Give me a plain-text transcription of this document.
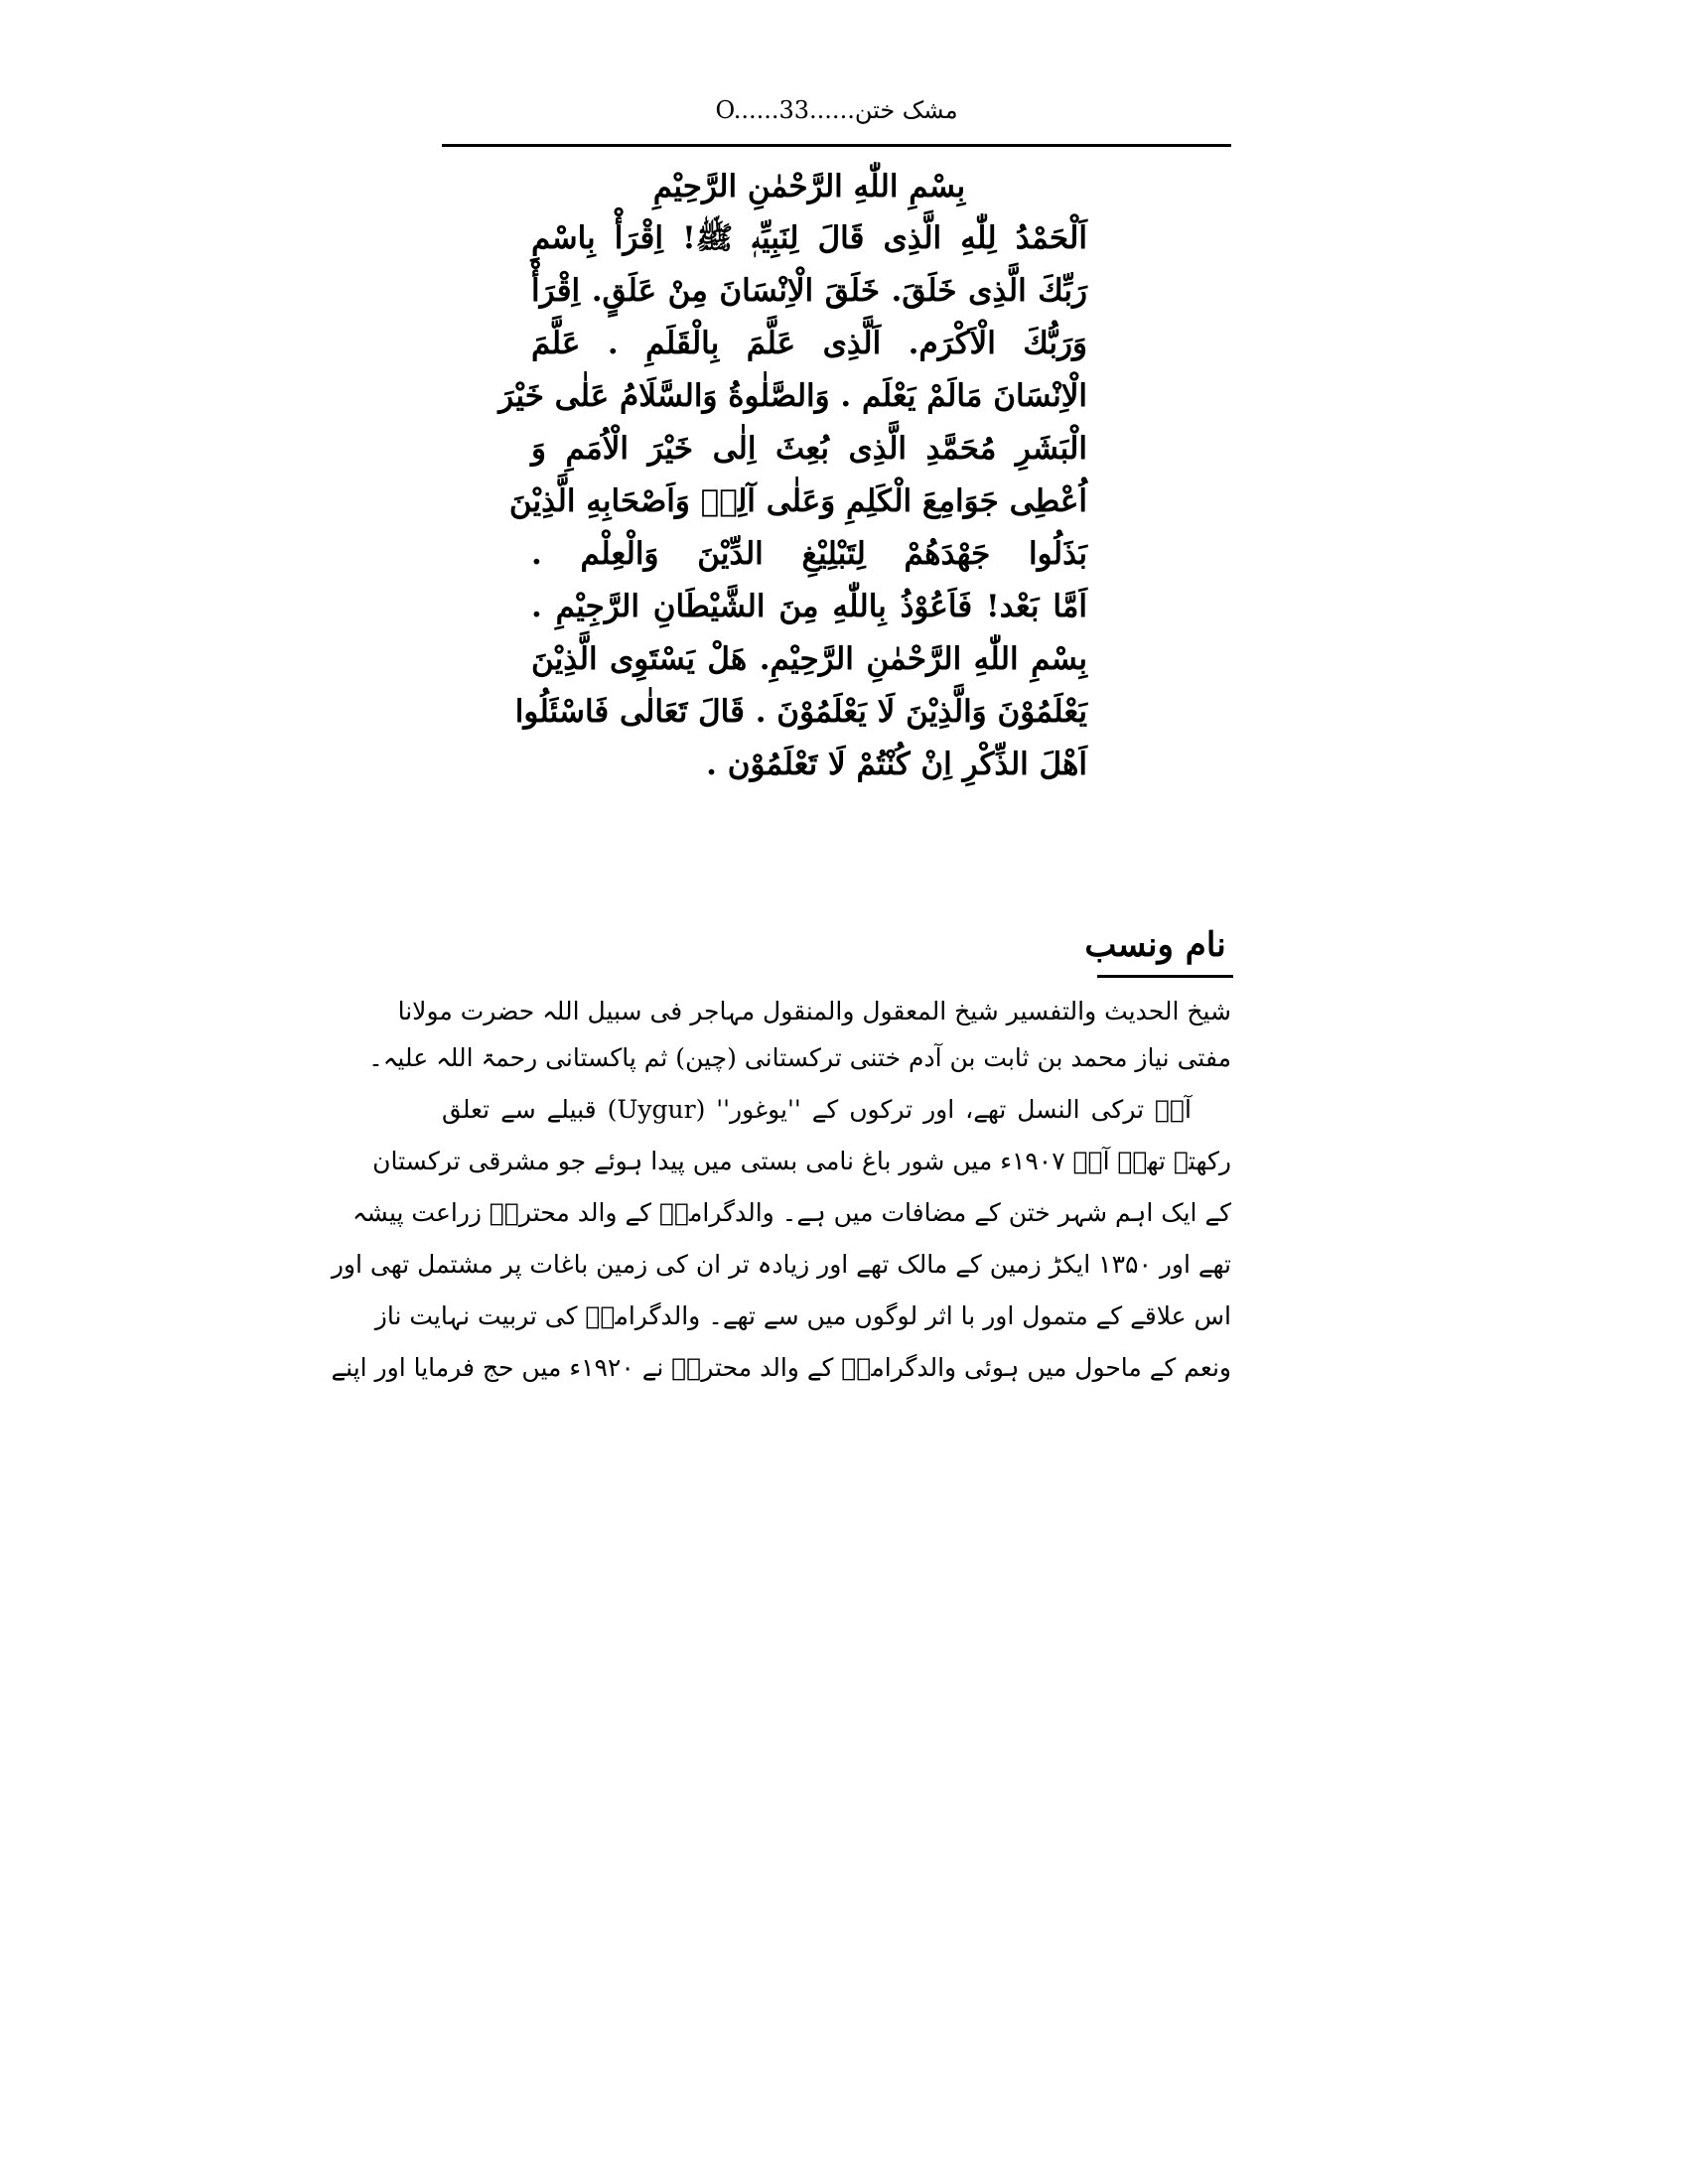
مشک ختن......O......33
بِسْمِ اللّٰهِ الرَّحْمٰنِ الرَّحِيْمِ
اَلْحَمْدُ لِلّٰهِ الَّذِى قَالَ لِنَبِيِّهٖ ﷺ! اِقْرَأْ بِاسْمِ
رَبِّكَ الَّذِى خَلَقَ. خَلَقَ الْاِنْسَانَ مِنْ عَلَقٍ. اِقْرَأْ
وَرَبُّكَ الْاَكْرَم. اَلَّذِى عَلَّمَ بِالْقَلَمِ . عَلَّمَ
الْاِنْسَانَ مَالَمْ يَعْلَم . وَالصَّلٰوةُ وَالسَّلَامُ عَلٰى خَيْرَ
الْبَشَرِ مُحَمَّدِ الَّذِى بُعِثَ اِلٰى خَيْرَ الْاُمَمِ وَ
اُعْطِى جَوَامِعَ الْكَلِمِ وَعَلٰى آلِهٖ وَاَصْحَابِهِ الَّذِيْنَ
بَذَلُوا جَهْدَهُمْ لِتَبْلِيْغِ الدِّيْنَ وَالْعِلْم .
اَمَّا بَعْد! فَاَعُوْذُ بِاللّٰهِ مِنَ الشَّيْطَانِ الرَّجِيْمِ .
بِسْمِ اللّٰهِ الرَّحْمٰنِ الرَّحِيْمِ. هَلْ يَسْتَوِى الَّذِيْنَ
يَعْلَمُوْنَ وَالَّذِيْنَ لَا يَعْلَمُوْنَ . قَالَ تَعَالٰى فَاسْئَلُوا
اَهْلَ الذِّكْرِ اِنْ كُنْتُمْ لَا تَعْلَمُوْن .
نام ونسب
شیخ الحدیث والتفسیر شیخ المعقول والمنقول مہاجر فی سبیل اللہ حضرت مولانا
مفتی نیاز محمد بن ثابت بن آدم ختنی ترکستانی (چین) ثم پاکستانی رحمۃ اللہ علیہ۔
آپؒ ترکی النسل تھے، اور ترکوں کے ''یوغور'' (Uygur) قبیلے سے تعلق
رکھتے تھے۔ آپؒ ۱۹۰۷ء میں شور باغ نامی بستی میں پیدا ہوئے جو مشرقی ترکستان
کے ایک اہم شہر ختن کے مضافات میں ہے۔ والدگرامیؒ کے والد محترمؒ زراعت پیشہ
تھے اور ۱۳۵۰ ایکڑ زمین کے مالک تھے اور زیادہ تر ان کی زمین باغات پر مشتمل تھی اور
اس علاقے کے متمول اور با اثر لوگوں میں سے تھے۔ والدگرامیؒ کی تربیت نہایت ناز
ونعم کے ماحول میں ہوئی والدگرامیؒ کے والد محترمؒ نے ۱۹۲۰ء میں حج فرمایا اور اپنے
